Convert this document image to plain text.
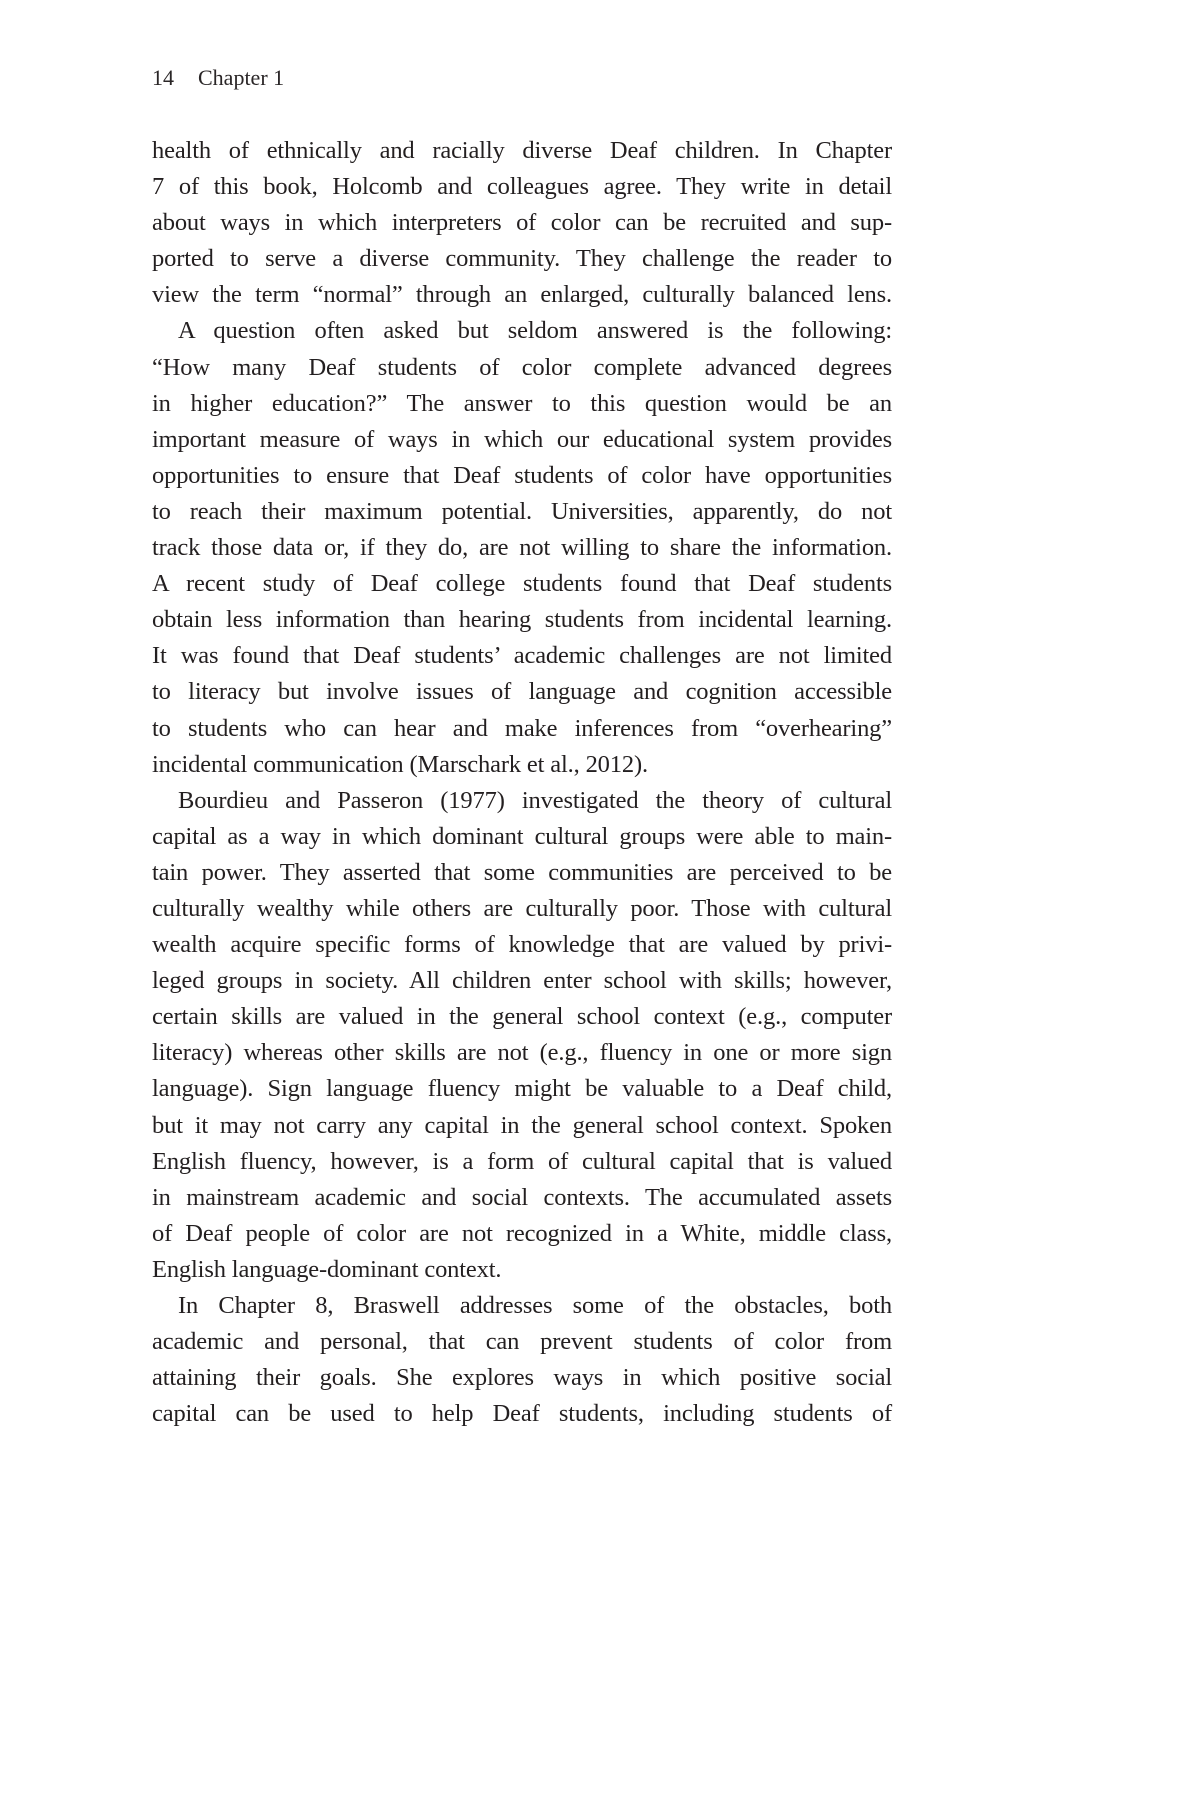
14 Chapter 1

health of ethnically and racially diverse Deaf children. In Chapter
7 of this book, Holcomb and colleagues agree. They write in detail
about ways in which interpreters of color can be recruited and sup-
ported to serve a diverse community. They challenge the reader to
view the term “normal” through an enlarged, culturally balanced lens.

A question often asked but seldom answered is the following:
“How many Deaf students of color complete advanced degrees
in higher education?” The answer to this question would be an
important measure of ways in which our educational system provides
opportunities to ensure that Deaf students of color have opportunities
to reach their maximum potential. Universities, apparently, do not
track those data or, if they do, are not willing to share the information.
A recent study of Deaf college students found that Deaf students
obtain less information than hearing students from incidental learning.
It was found that Deaf students’ academic challenges are not limited
to literacy but involve issues of language and cognition accessible
to students who can hear and make inferences from “overhearing”
incidental communication (Marschark et al., 2012).

Bourdieu and Passeron (1977) investigated the theory of cultural
capital as a way in which dominant cultural groups were able to main-
tain power. They asserted that some communities are perceived to be
culturally wealthy while others are culturally poor. Those with cultural
wealth acquire specific forms of knowledge that are valued by privi-
leged groups in society. All children enter school with skills; however,
certain skills are valued in the general school context (e.g., computer
literacy) whereas other skills are not (e.g., fluency in one or more sign
language). Sign language fluency might be valuable to a Deaf child,
but it may not carry any capital in the general school context. Spoken
English fluency, however, is a form of cultural capital that is valued
in mainstream academic and social contexts. The accumulated assets
of Deaf people of color are not recognized in a White, middle class,
English language-dominant context.

In Chapter 8, Braswell addresses some of the obstacles, both
academic and personal, that can prevent students of color from
attaining their goals. She explores ways in which positive social
capital can be used to help Deaf students, including students of
